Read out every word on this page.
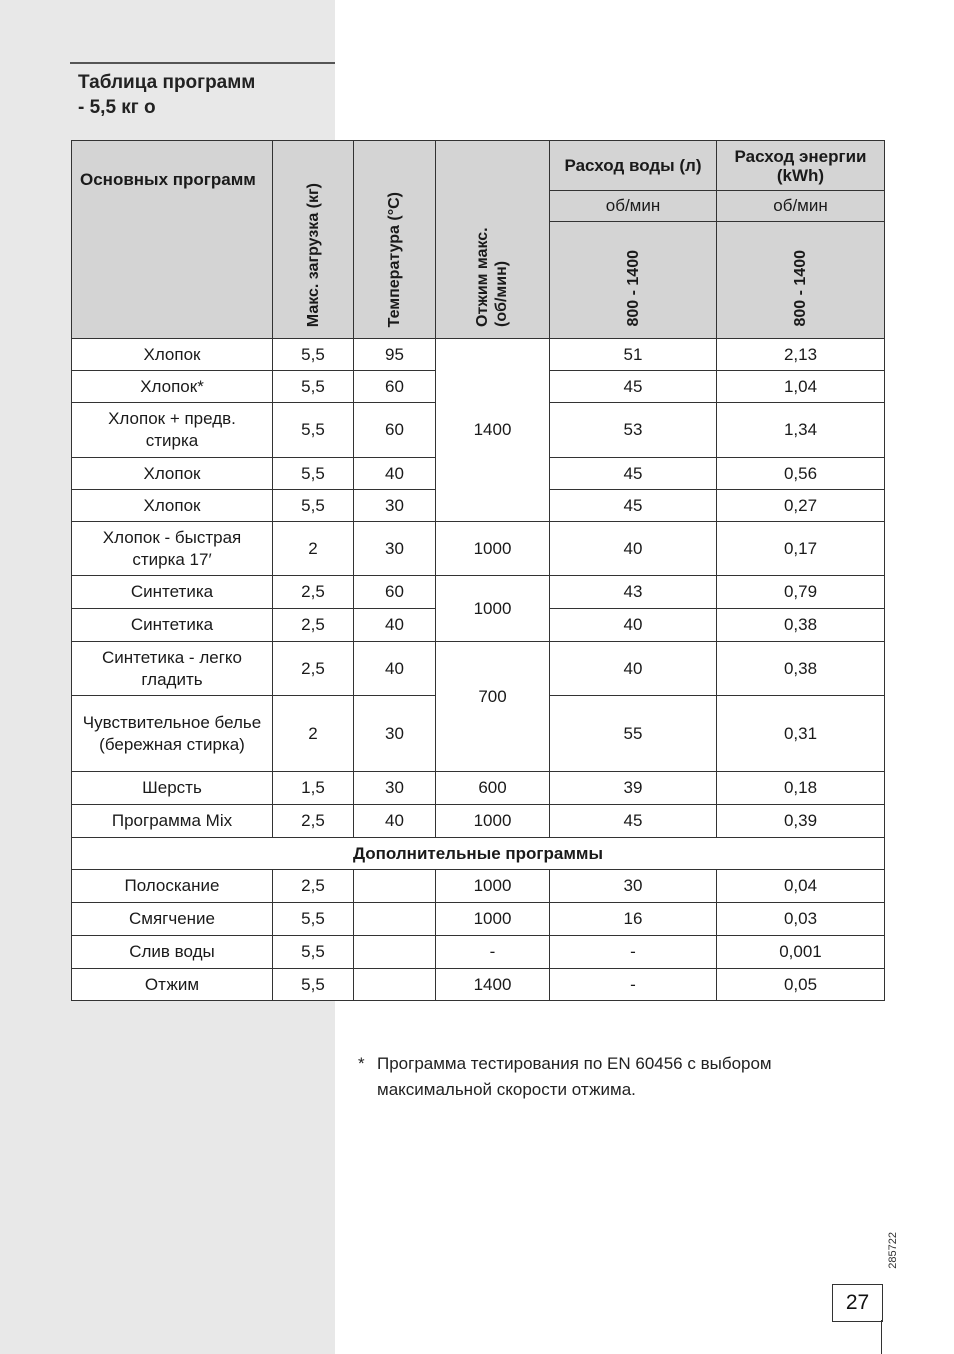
Таблица программ
- 5,5 кг о
Основных программ	Макс. загрузка (кг)	Температура (°C)	Отжим макс. (об/мин)	Расход воды (л)	Расход энергии (kWh)
				об/мин	об/мин
				800 - 1400	800 - 1400
Хлопок	5,5	95	1400	51	2,13
Хлопок*	5,5	60		45	1,04
Хлопок + предв. стирка	5,5	60		53	1,34
Хлопок	5,5	40		45	0,56
Хлопок	5,5	30		45	0,27
Хлопок - быстрая стирка 17′	2	30	1000	40	0,17
Синтетика	2,5	60	1000	43	0,79
Синтетика	2,5	40		40	0,38
Синтетика - легко гладить	2,5	40	700	40	0,38
Чувствительное белье (бережная стирка)	2	30		55	0,31
Шерсть	1,5	30	600	39	0,18
Программа Mix	2,5	40	1000	45	0,39
Дополнительные программы					
Полоскание	2,5		1000	30	0,04
Смягчение	5,5		1000	16	0,03
Слив воды	5,5		-	-	0,001
Отжим	5,5		1400	-	0,05
* Программа тестирования по EN 60456 с выбором максимальной скорости отжима.
285722
27
